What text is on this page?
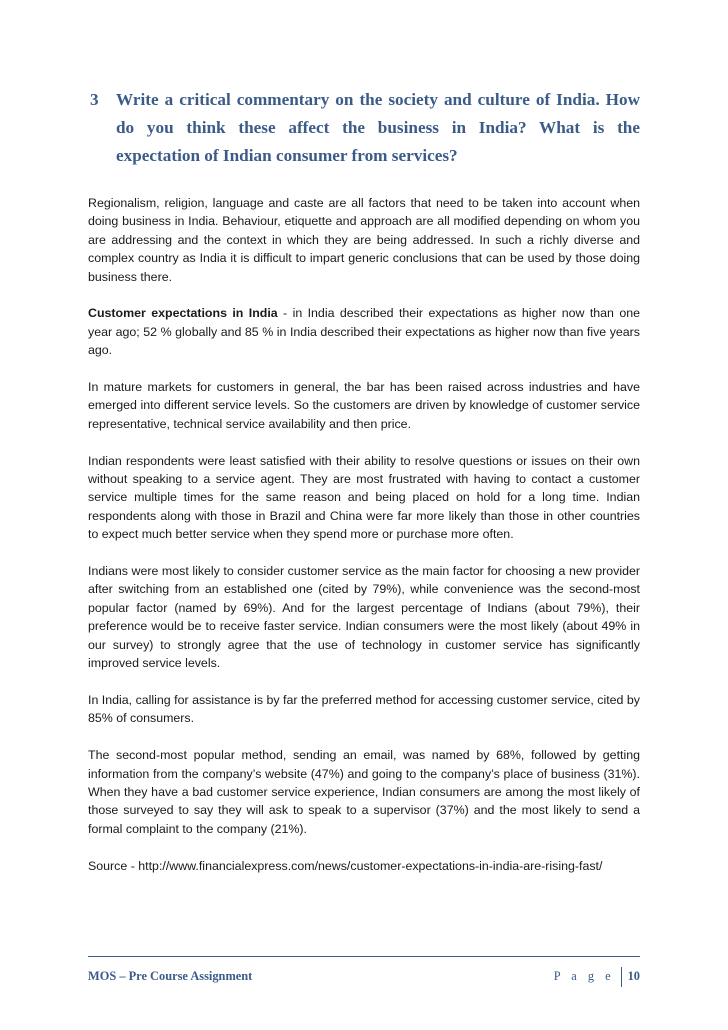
3 Write a critical commentary on the society and culture of India. How
do you think these affect the business in India? What is the
expectation of Indian consumer from services?

Regionalism, religion, language and caste are all factors that need to be taken into account when doing business in India. Behaviour, etiquette and approach are all modified depending on whom you are addressing and the context in which they are being addressed. In such a richly diverse and complex country as India it is difficult to impart generic conclusions that can be used by those doing business there.

Customer expectations in India - in India described their expectations as higher now than one year ago; 52 % globally and 85 % in India described their expectations as higher now than five years ago.

In mature markets for customers in general, the bar has been raised across industries and have emerged into different service levels. So the customers are driven by knowledge of customer service representative, technical service availability and then price.

Indian respondents were least satisfied with their ability to resolve questions or issues on their own without speaking to a service agent. They are most frustrated with having to contact a customer service multiple times for the same reason and being placed on hold for a long time. Indian respondents along with those in Brazil and China were far more likely than those in other countries to expect much better service when they spend more or purchase more often.

Indians were most likely to consider customer service as the main factor for choosing a new provider after switching from an established one (cited by 79%), while convenience was the second-most popular factor (named by 69%). And for the largest percentage of Indians (about 79%), their preference would be to receive faster service. Indian consumers were the most likely (about 49% in our survey) to strongly agree that the use of technology in customer service has significantly improved service levels.

In India, calling for assistance is by far the preferred method for accessing customer service, cited by 85% of consumers.

The second-most popular method, sending an email, was named by 68%, followed by getting information from the company’s website (47%) and going to the company’s place of business (31%). When they have a bad customer service experience, Indian consumers are among the most likely of those surveyed to say they will ask to speak to a supervisor (37%) and the most likely to send a formal complaint to the company (21%).

Source - http://www.financialexpress.com/news/customer-expectations-in-india-are-rising-fast/

MOS – Pre Course Assignment	P a g e 10
